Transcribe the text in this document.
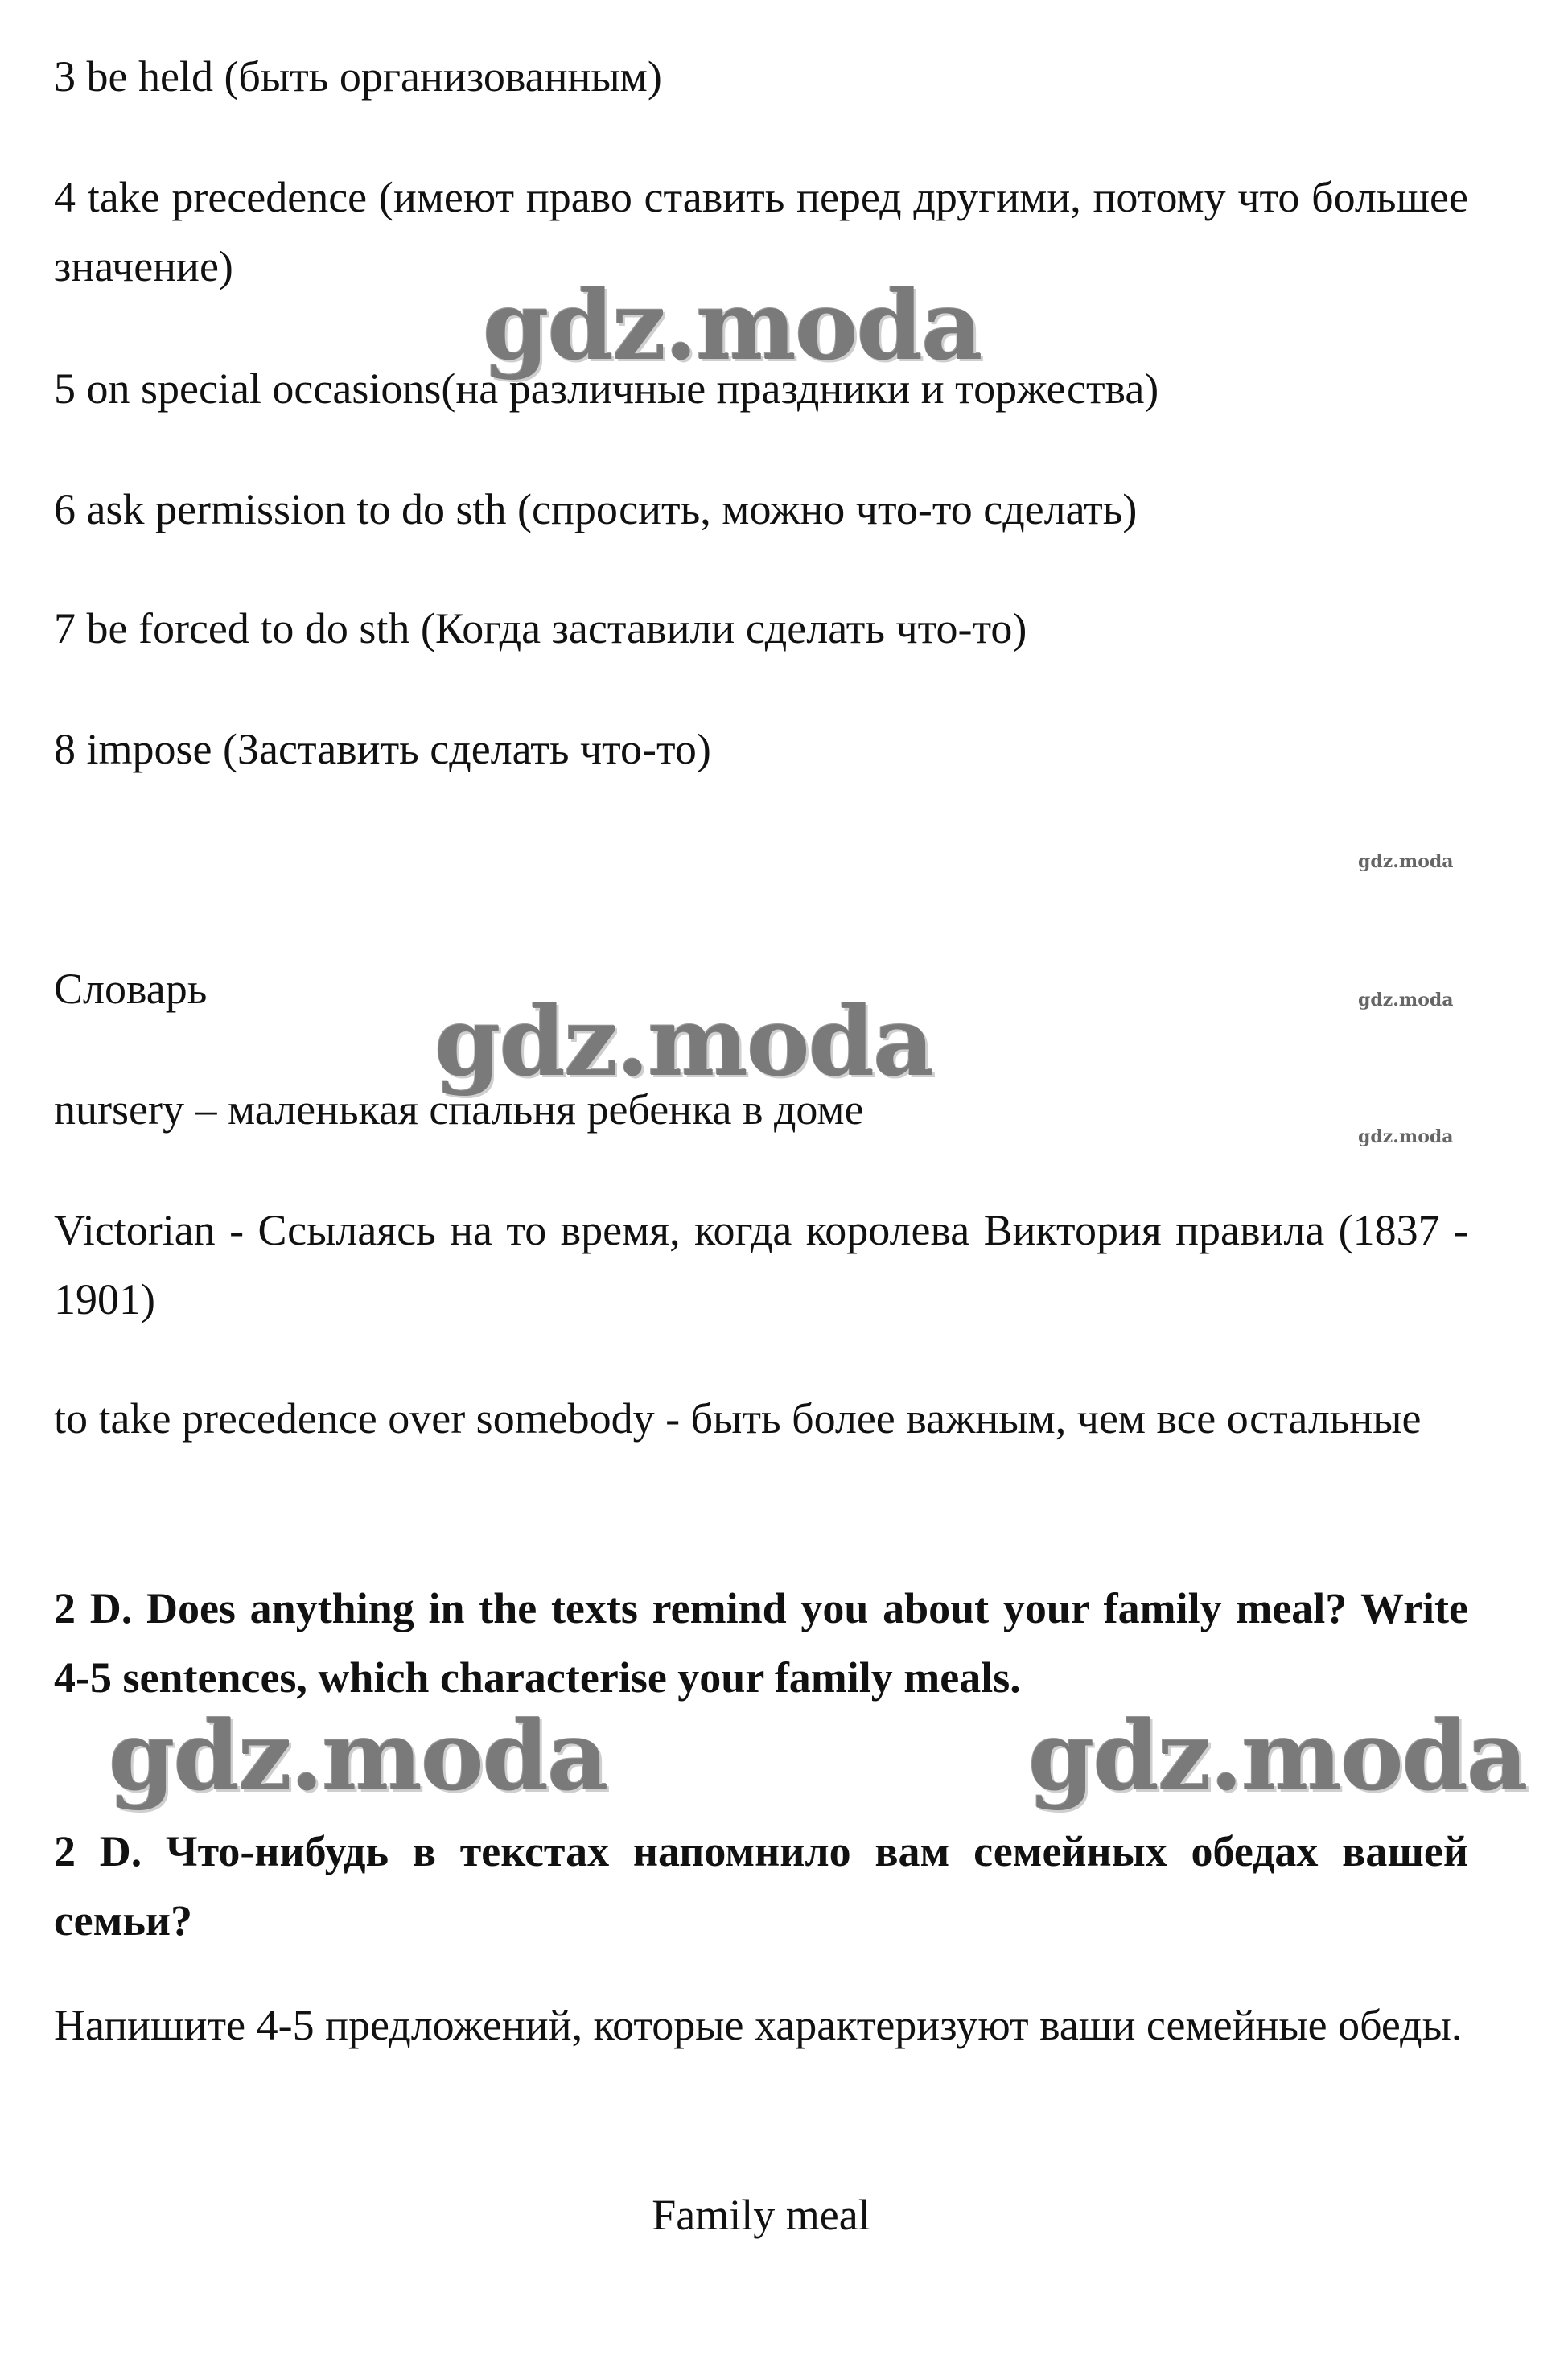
3 be held (быть организованным)

4 take precedence (имеют право ставить перед другими, потому что большее значение)

5 on special occasions(на различные праздники и торжества)

6 ask permission to do sth (спросить, можно что-то сделать)

7 be forced to do sth (Когда заставили сделать что-то)

8 impose (Заставить сделать что-то)

Словарь

nursery – маленькая спальня ребенка в доме

Victorian - Ссылаясь на то время, когда королева Виктория правила (1837 - 1901)

to take precedence over somebody - быть более важным, чем все остальные

2 D. Does anything in the texts remind you about your family meal? Write 4-5 sentences, which characterise your family meals.

2 D. Что-нибудь в текстах напомнило вам семейных обедах вашей семьи?

Напишите 4-5 предложений, которые характеризуют ваши семейные обеды.

Family meal

gdz.moda
gdz.moda
gdz.moda	gdz.moda
gdz.moda
gdz.moda
gdz.moda
